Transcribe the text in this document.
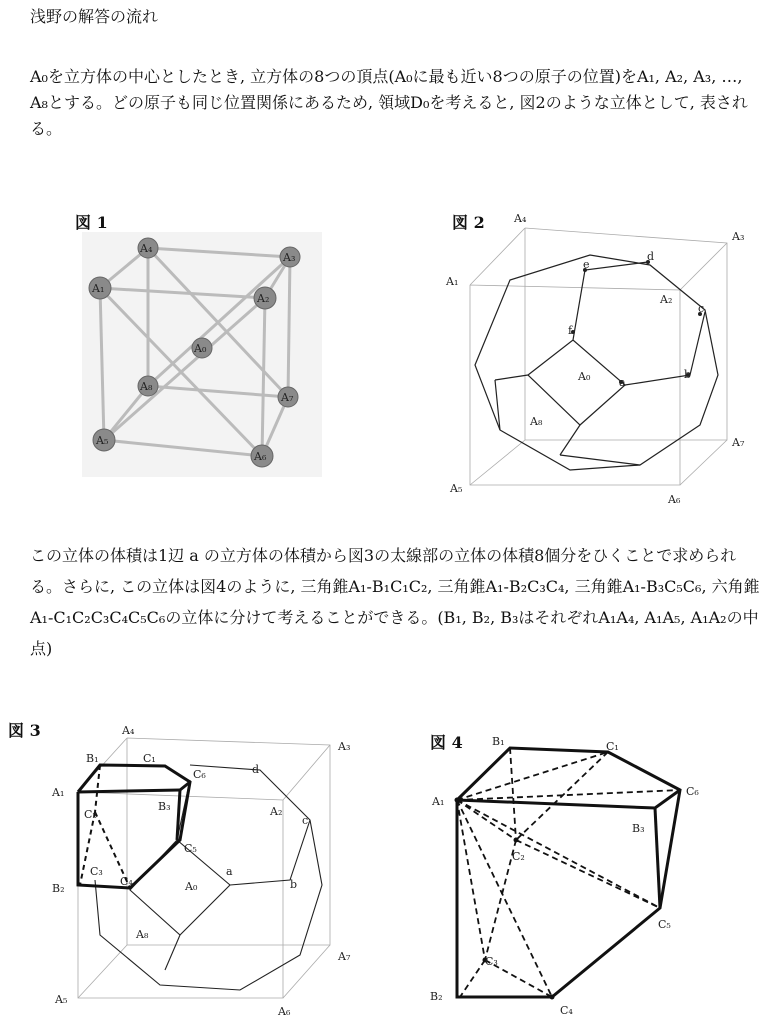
浅野の解答の流れ
A₀を立方体の中心としたとき, 立方体の8つの頂点(A₀に最も近い8つの原子の位置)をA₁, A₂, A₃, …, A₈とする。どの原子も同じ位置関係にあるため, 領域D₀を考えると, 図2のような立体として, 表される。
図 1
A₄
A₃
A₁
A₂
A₀
A₈
A₇
A₅
A₆
図 2	A₄
A₃
A₁
A₂
A₀
A₈
A₇
A₅
A₆
e
d
c
b
a
f
この立体の体積は1辺 a の立方体の体積から図3の太線部の立体の体積8個分をひくことで求められる。さらに, この立体は図4のように, 三角錐A₁-B₁C₁C₂, 三角錐A₁-B₂C₃C₄, 三角錐A₁-B₃C₅C₆, 六角錐A₁-C₁C₂C₃C₄C₅C₆の立体に分けて考えることができる。(B₁, B₂, B₃はそれぞれA₁A₄, A₁A₅, A₁A₂の中点)
図 3	A₄
A₃
A₁
A₂
A₀
A₈
A₇
A₅
A₆
B₁	C₁
C₆
B₃
C₂
C₅
C₃
B₂
C₄
d
c
b
a
図 4	B₁	C₁
C₆
A₁
B₃
C₂
C₅
C₃
B₂
C₄
